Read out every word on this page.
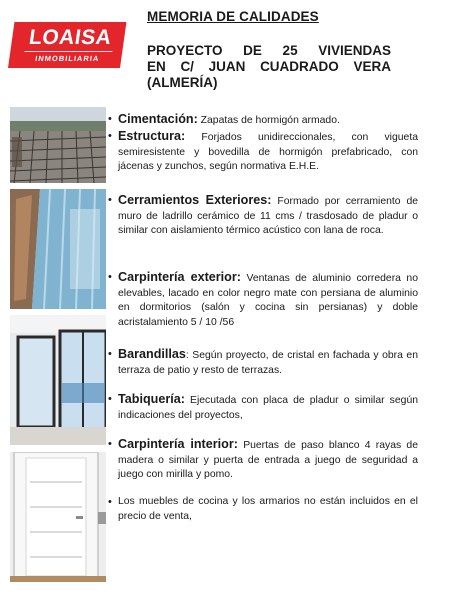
LOAISA
INMOBILIARIA
MEMORIA DE CALIDADES
PROYECTO DE 25 VIVIENDAS
EN C/ JUAN CUADRADO VERA
(ALMERÍA)
• Cimentación: Zapatas de hormigón armado.
• Estructura: Forjados unidireccionales, con vigueta semiresistente y bovedilla de hormigón prefabricado, con jácenas y zunchos, según normativa E.H.E.
• Cerramientos Exteriores: Formado por cerramiento de muro de ladrillo cerámico de 11 cms / trasdosado de pladur o similar con aislamiento térmico acústico con lana de roca.
• Carpintería exterior: Ventanas de aluminio corredera no elevables, lacado en color negro mate con persiana de aluminio en dormitorios (salón y cocina sin persianas) y doble acristalamiento 5 / 10 /56
• Barandillas: Según proyecto, de cristal en fachada y obra en terraza de patio y resto de terrazas.
• Tabiquería: Ejecutada con placa de pladur o similar según indicaciones del proyectos,
• Carpintería interior: Puertas de paso blanco 4 rayas de madera o similar y puerta de entrada a juego de seguridad a juego con mirilla y pomo.
• Los muebles de cocina y los armarios no están incluidos en el precio de venta,
